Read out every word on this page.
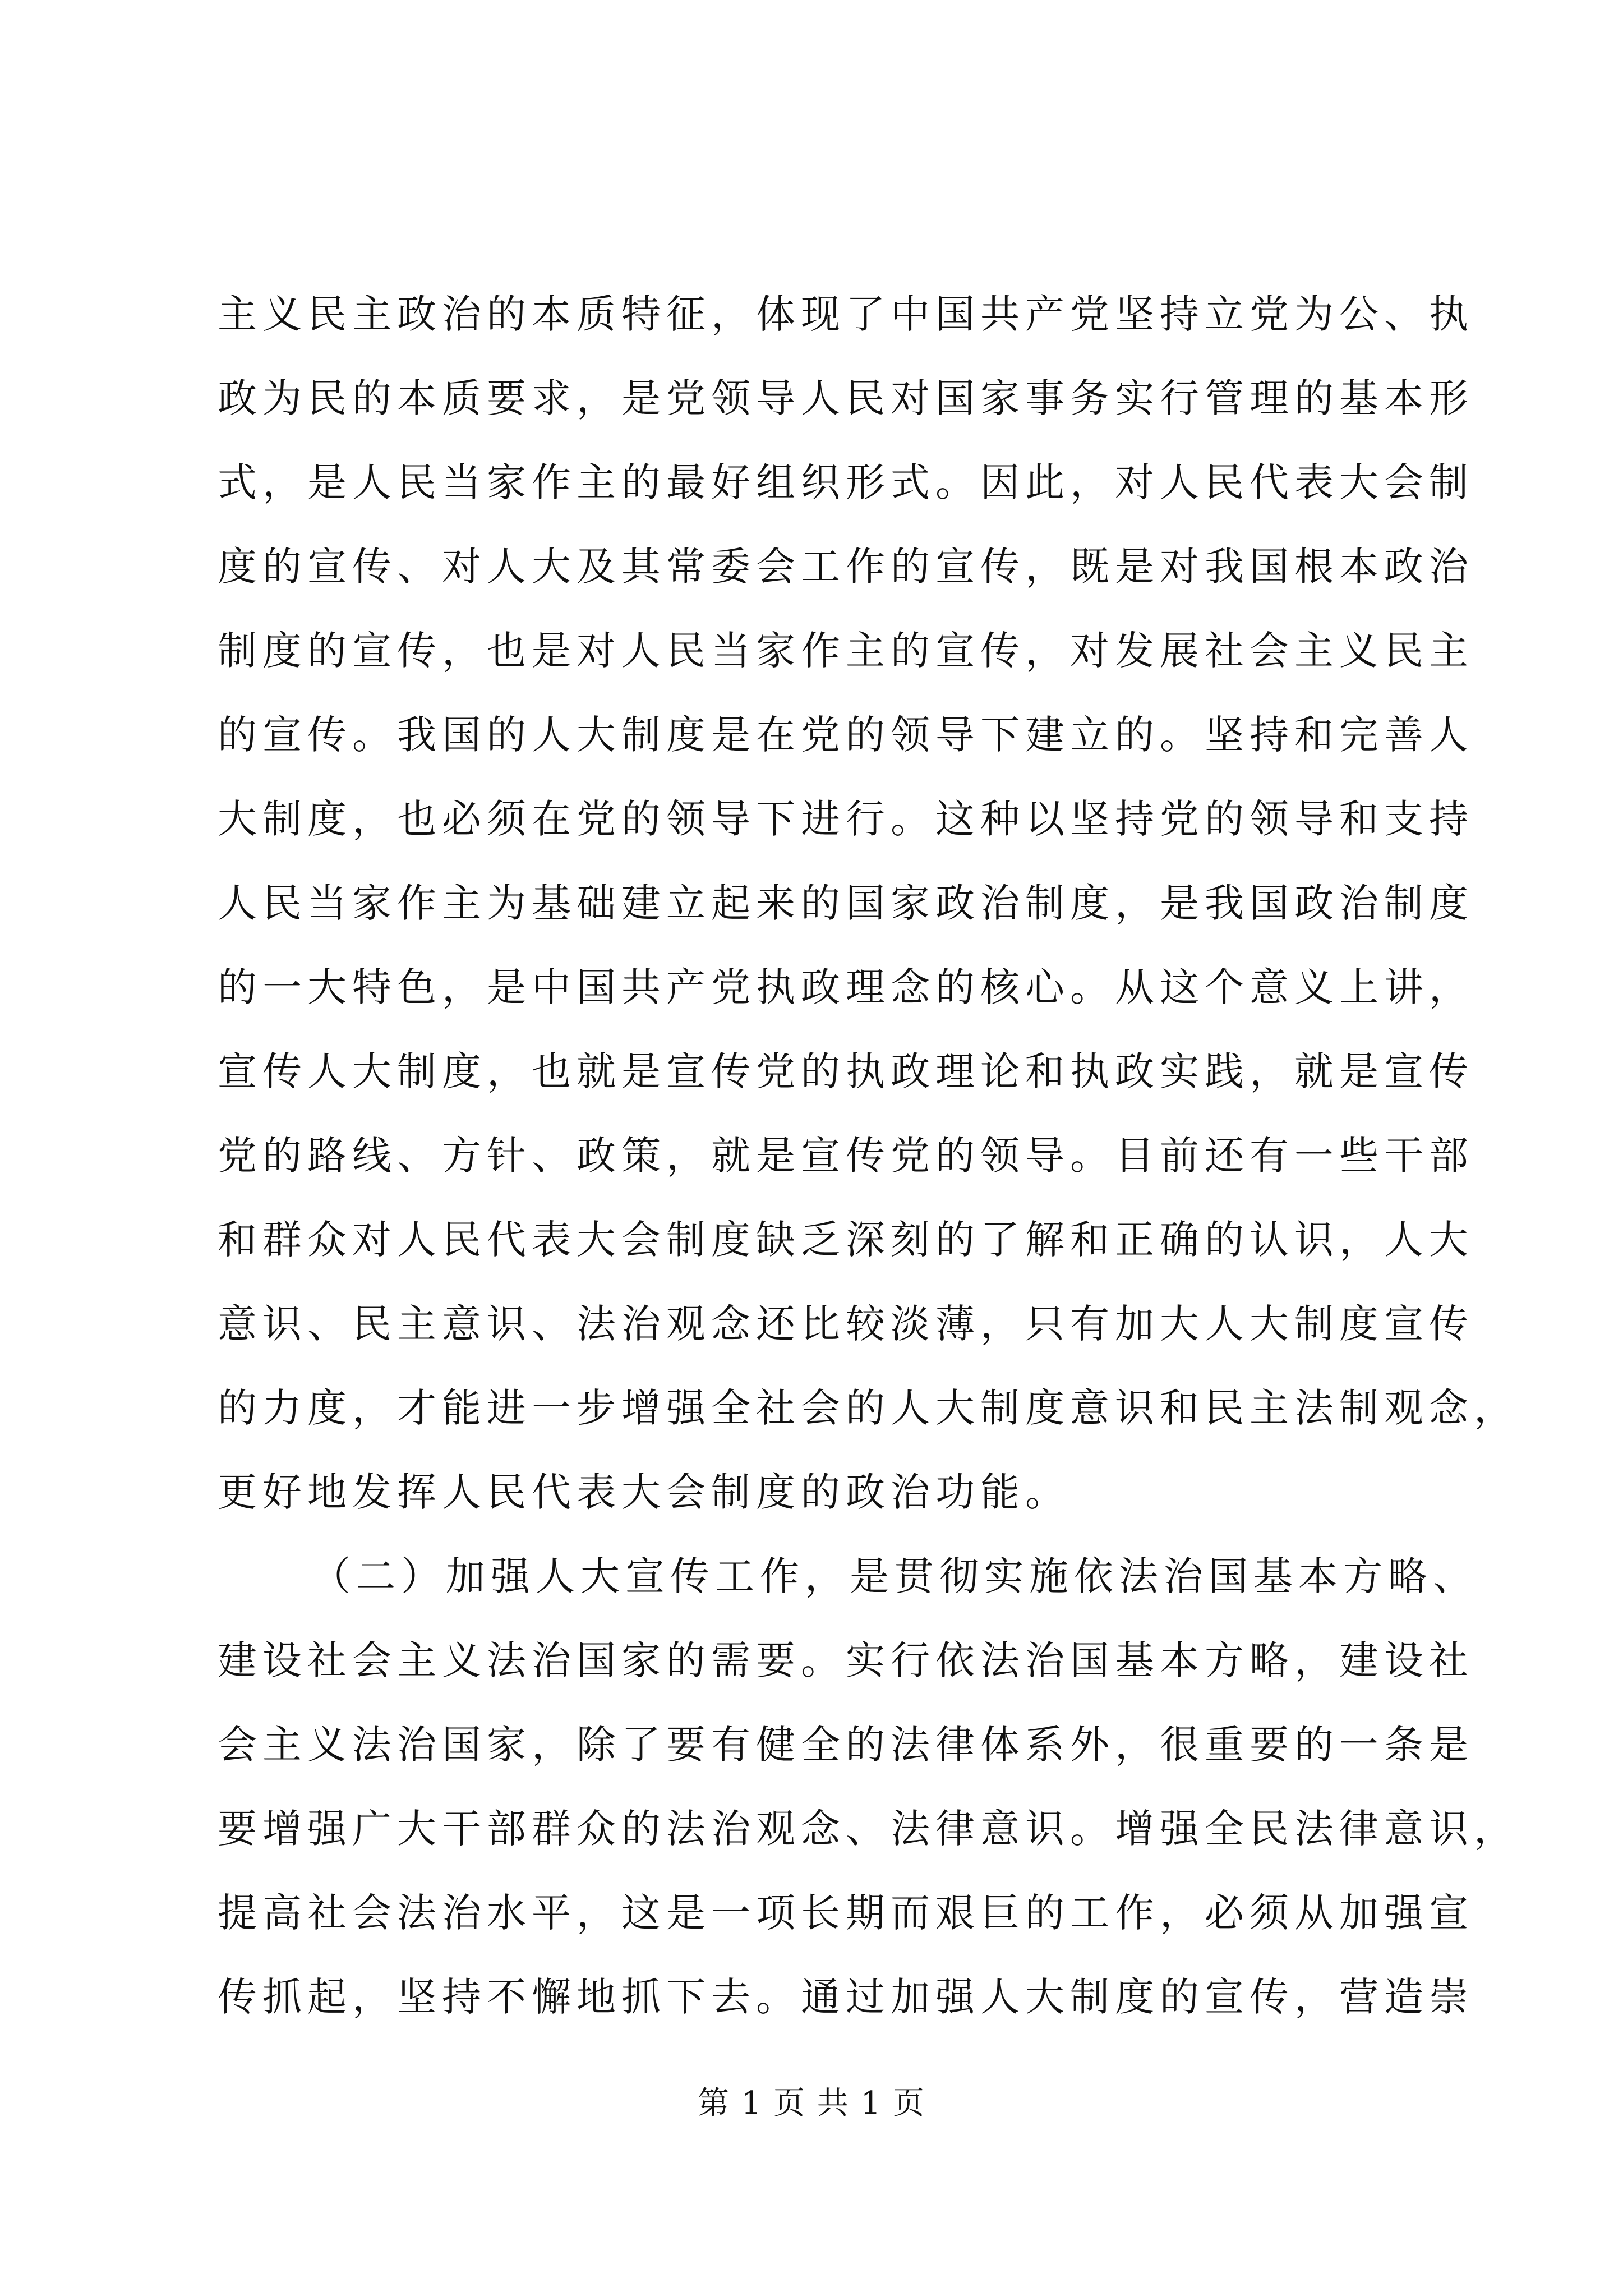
主义民主政治的本质特征，体现了中国共产党坚持立党为公、执
政为民的本质要求，是党领导人民对国家事务实行管理的基本形
式，是人民当家作主的最好组织形式。因此，对人民代表大会制
度的宣传、对人大及其常委会工作的宣传，既是对我国根本政治
制度的宣传，也是对人民当家作主的宣传，对发展社会主义民主
的宣传。我国的人大制度是在党的领导下建立的。坚持和完善人
大制度，也必须在党的领导下进行。这种以坚持党的领导和支持
人民当家作主为基础建立起来的国家政治制度，是我国政治制度
的一大特色，是中国共产党执政理念的核心。从这个意义上讲，
宣传人大制度，也就是宣传党的执政理论和执政实践，就是宣传
党的路线、方针、政策，就是宣传党的领导。目前还有一些干部
和群众对人民代表大会制度缺乏深刻的了解和正确的认识，人大
意识、民主意识、法治观念还比较淡薄，只有加大人大制度宣传
的力度，才能进一步增强全社会的人大制度意识和民主法制观念，
更好地发挥人民代表大会制度的政治功能。
（二）加强人大宣传工作，是贯彻实施依法治国基本方略、
建设社会主义法治国家的需要。实行依法治国基本方略，建设社
会主义法治国家，除了要有健全的法律体系外，很重要的一条是
要增强广大干部群众的法治观念、法律意识。增强全民法律意识，
提高社会法治水平，这是一项长期而艰巨的工作，必须从加强宣
传抓起，坚持不懈地抓下去。通过加强人大制度的宣传，营造崇
第 1 页 共 1 页
